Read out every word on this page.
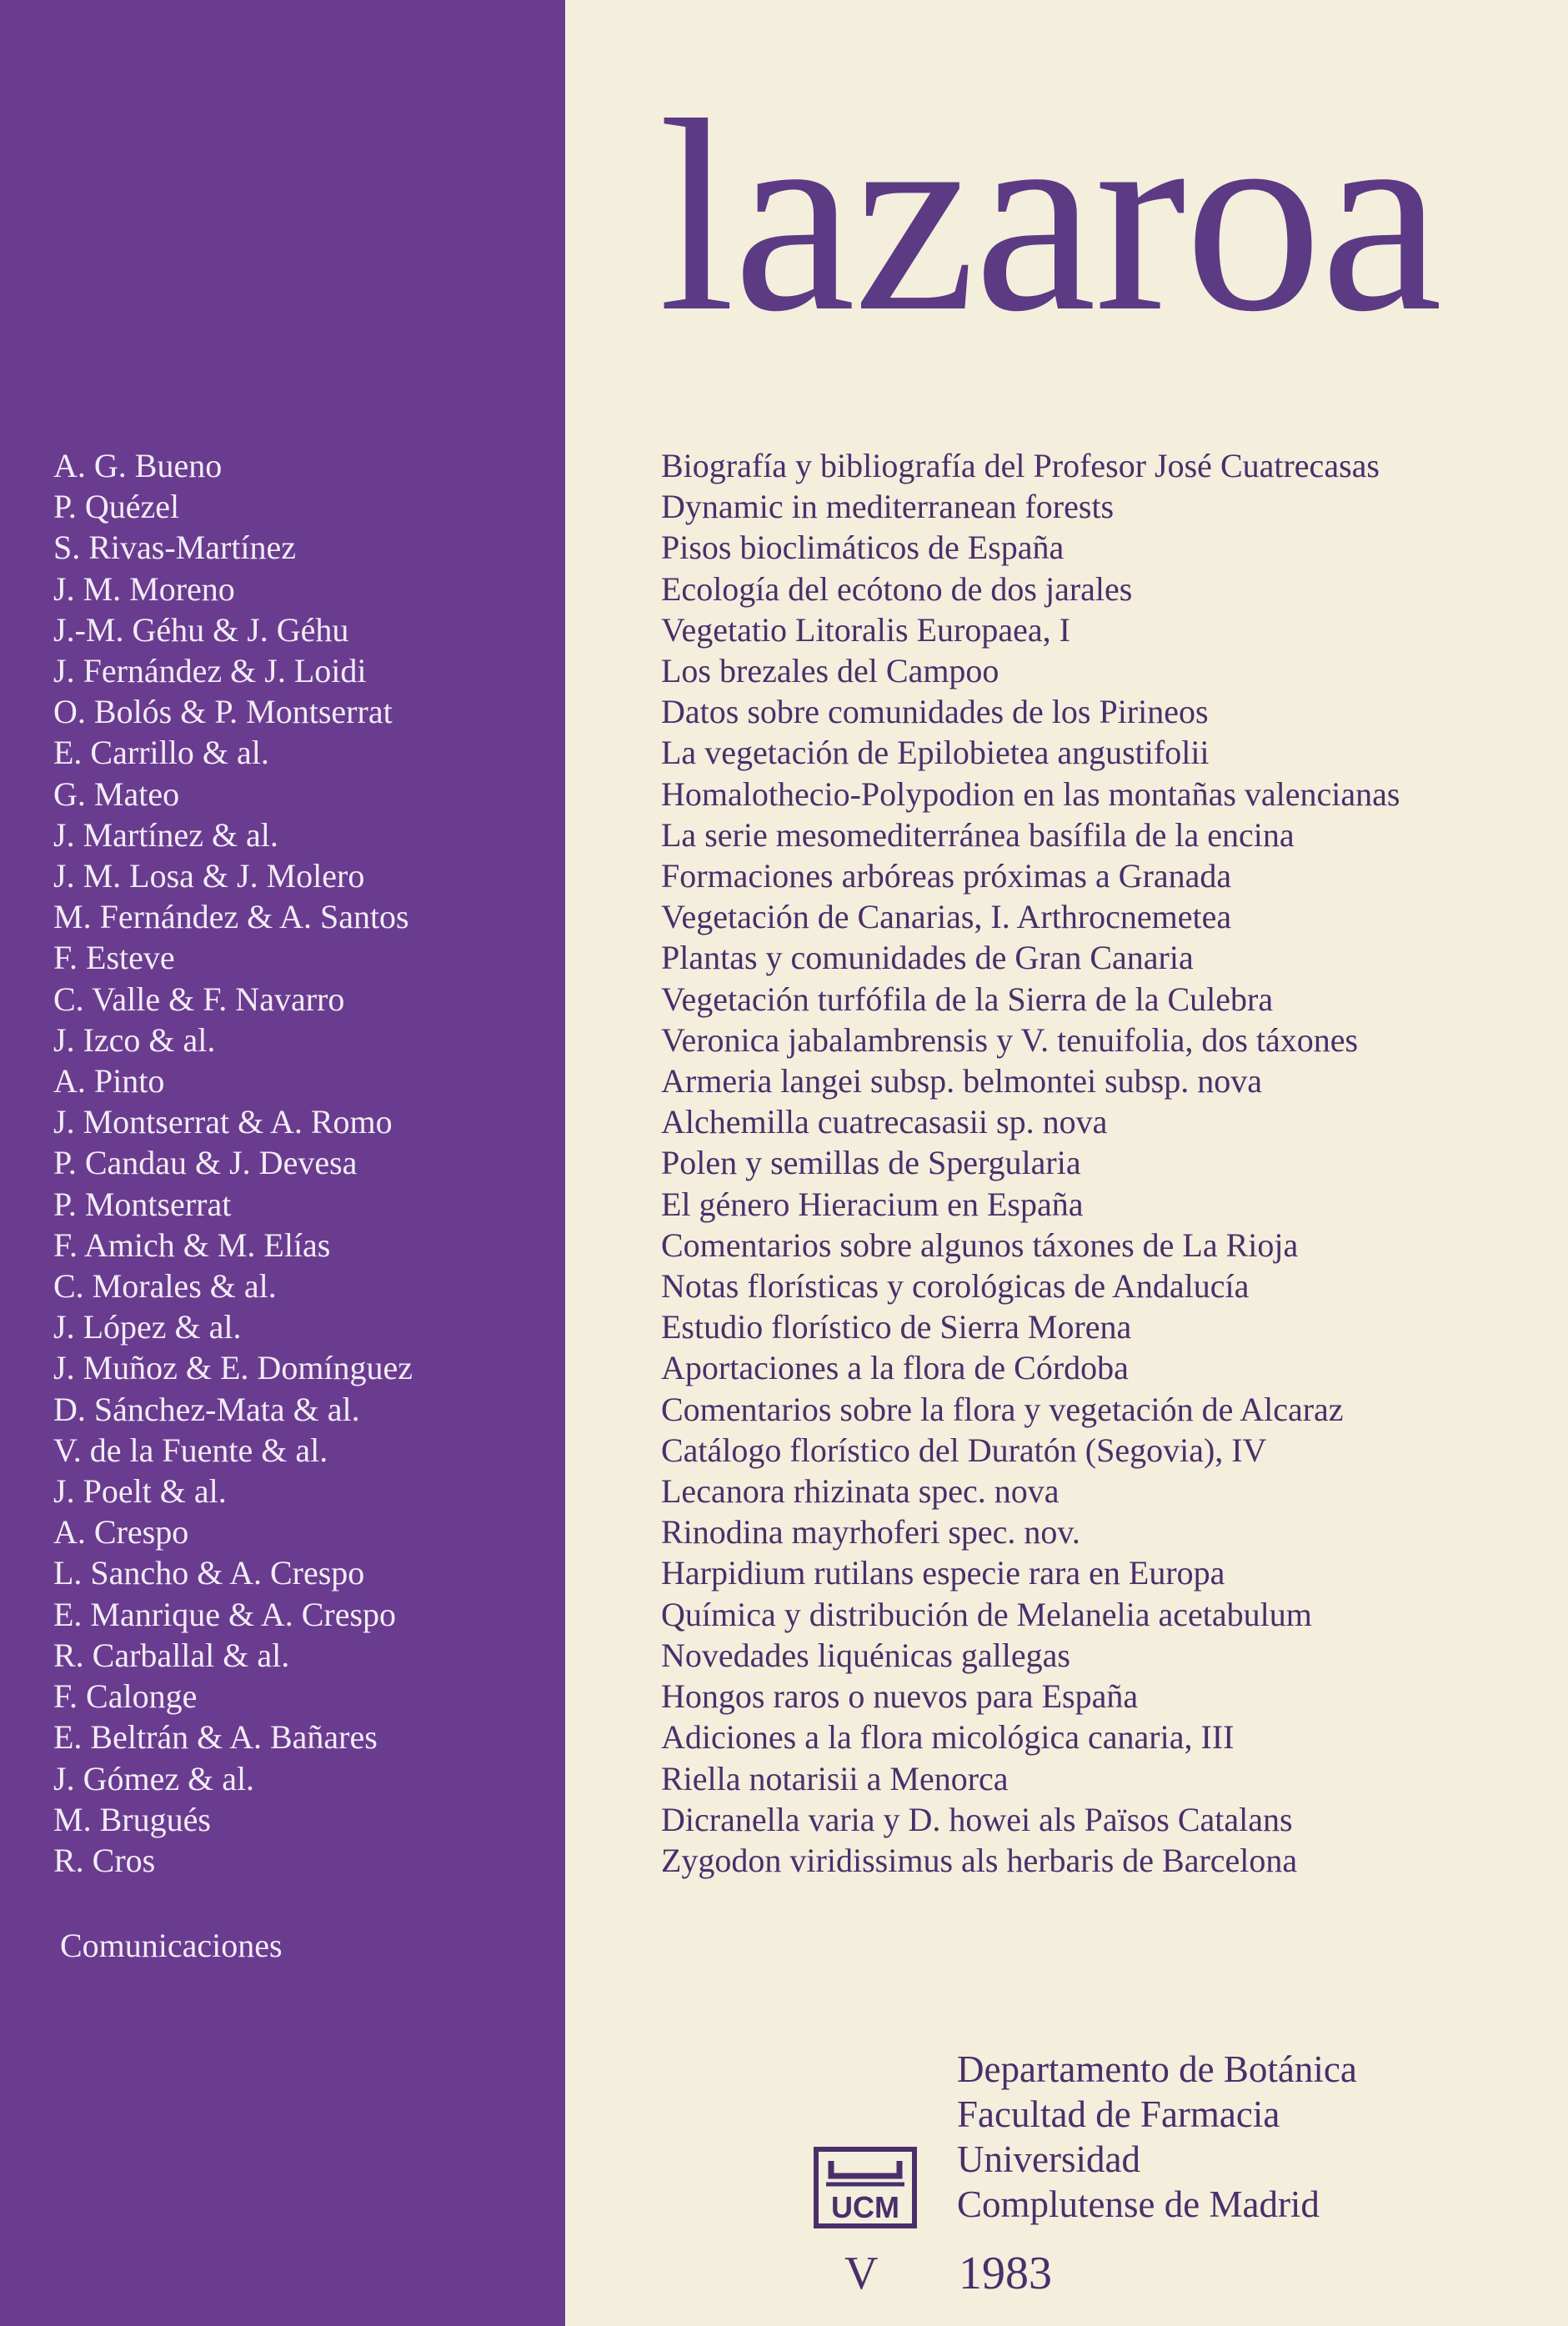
lazaroa
A. G. Bueno
P. Quézel
S. Rivas-Martínez
J. M. Moreno
J.-M. Géhu & J. Géhu
J. Fernández & J. Loidi
O. Bolós & P. Montserrat
E. Carrillo & al.
G. Mateo
J. Martínez & al.
J. M. Losa & J. Molero
M. Fernández & A. Santos
F. Esteve
C. Valle & F. Navarro
J. Izco & al.
A. Pinto
J. Montserrat & A. Romo
P. Candau & J. Devesa
P. Montserrat
F. Amich & M. Elías
C. Morales & al.
J. López & al.
J. Muñoz & E. Domínguez
D. Sánchez-Mata & al.
V. de la Fuente & al.
J. Poelt & al.
A. Crespo
L. Sancho & A. Crespo
E. Manrique & A. Crespo
R. Carballal & al.
F. Calonge
E. Beltrán & A. Bañares
J. Gómez & al.
M. Brugués
R. Cros
Biografía y bibliografía del Profesor José Cuatrecasas
Dynamic in mediterranean forests
Pisos bioclimáticos de España
Ecología del ecótono de dos jarales
Vegetatio Litoralis Europaea, I
Los brezales del Campoo
Datos sobre comunidades de los Pirineos
La vegetación de Epilobietea angustifolii
Homalothecio-Polypodion en las montañas valencianas
La serie mesomediterránea basífila de la encina
Formaciones arbóreas próximas a Granada
Vegetación de Canarias, I. Arthrocnemetea
Plantas y comunidades de Gran Canaria
Vegetación turfófila de la Sierra de la Culebra
Veronica jabalambrensis y V. tenuifolia, dos táxones
Armeria langei subsp. belmontei subsp. nova
Alchemilla cuatrecasasii sp. nova
Polen y semillas de Spergularia
El género Hieracium en España
Comentarios sobre algunos táxones de La Rioja
Notas florísticas y corológicas de Andalucía
Estudio florístico de Sierra Morena
Aportaciones a la flora de Córdoba
Comentarios sobre la flora y vegetación de Alcaraz
Catálogo florístico del Duratón (Segovia), IV
Lecanora rhizinata spec. nova
Rinodina mayrhoferi spec. nov.
Harpidium rutilans especie rara en Europa
Química y distribución de Melanelia acetabulum
Novedades liquénicas gallegas
Hongos raros o nuevos para España
Adiciones a la flora micológica canaria, III
Riella notarisii a Menorca
Dicranella varia y D. howei als Països Catalans
Zygodon viridissimus als herbaris de Barcelona
Comunicaciones
Departamento de Botánica
Facultad de Farmacia
Universidad
Complutense de Madrid
UCM
V 1983
